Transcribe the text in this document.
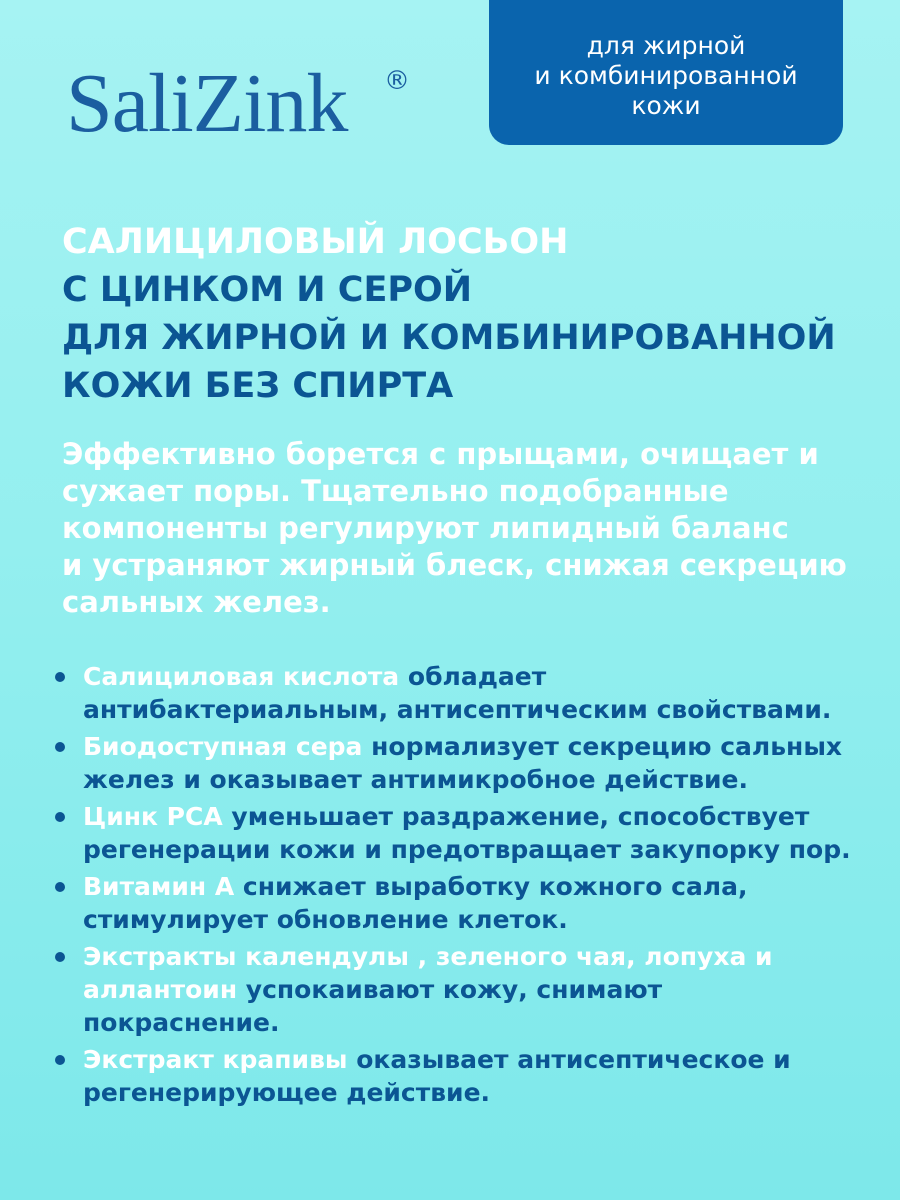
SaliZink ®
для жирной
и комбинированной
кожи
САЛИЦИЛОВЫЙ ЛОСЬОН
С ЦИНКОМ И СЕРОЙ
ДЛЯ ЖИРНОЙ И КОМБИНИРОВАННОЙ
КОЖИ БЕЗ СПИРТА

Эффективно борется с прыщами, очищает и
сужает поры. Тщательно подобранные
компоненты регулируют липидный баланс
и устраняют жирный блеск, снижая секрецию
сальных желез.

Салициловая кислота обладает
антибактериальным, антисептическим свойствами.
Биодоступная сера нормализует секрецию сальных
желез и оказывает антимикробное действие.
Цинк PCA уменьшает раздражение, способствует
регенерации кожи и предотвращает закупорку пор.
Витамин А снижает выработку кожного сала,
стимулирует обновление клеток.
Экстракты календулы , зеленого чая, лопуха и
аллантоин успокаивают кожу, снимают
покраснение.
Экстракт крапивы оказывает антисептическое и
регенерирующее действие.
